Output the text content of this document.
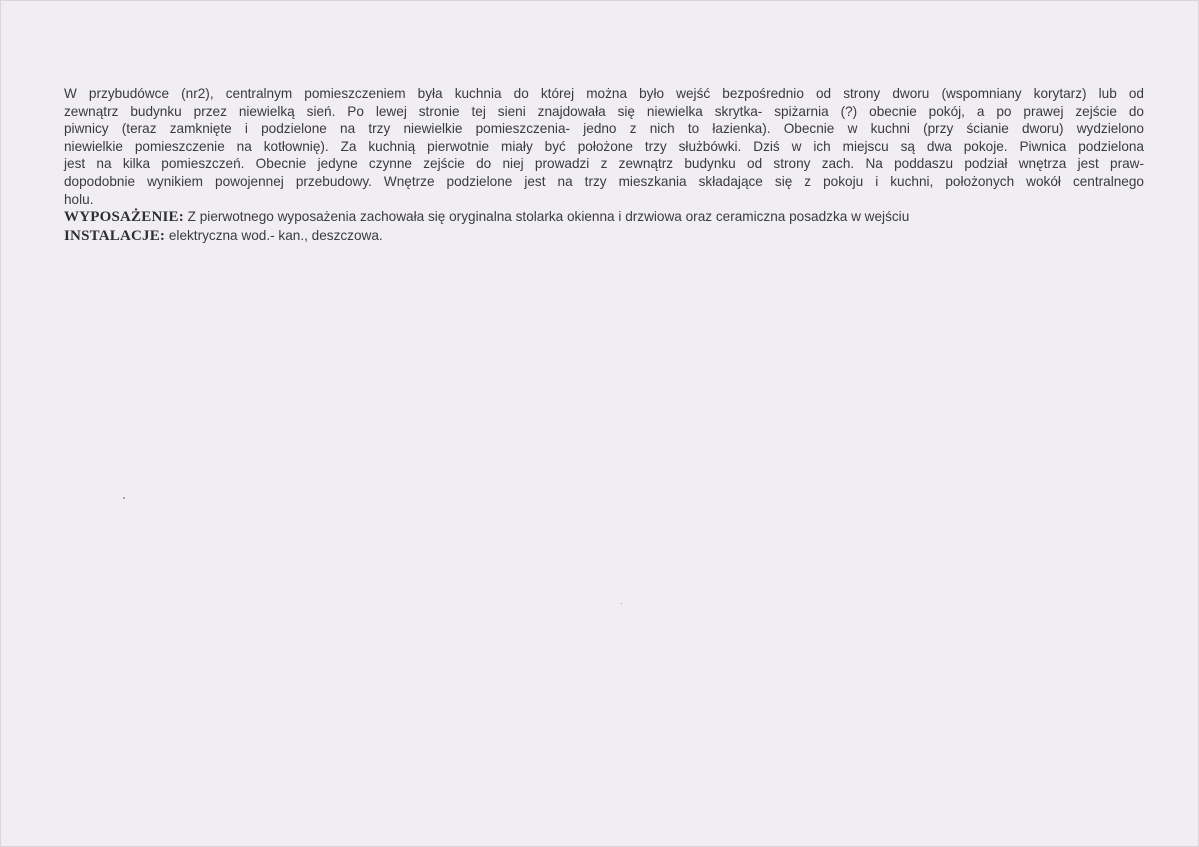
W przybudówce (nr2), centralnym pomieszczeniem była kuchnia do której można było wejść bezpośrednio od strony dworu (wspomniany korytarz) lub od
zewnątrz budynku przez niewielką sień. Po lewej stronie tej sieni znajdowała się niewielka skrytka- spiżarnia (?) obecnie pokój, a po prawej zejście do
piwnicy (teraz zamknięte i podzielone na trzy niewielkie pomieszczenia- jedno z nich to łazienka). Obecnie w kuchni (przy ścianie dworu) wydzielono
niewielkie pomieszczenie na kotłownię). Za kuchnią pierwotnie miały być położone trzy służbówki. Dziś w ich miejscu są dwa pokoje. Piwnica podzielona
jest na kilka pomieszczeń. Obecnie jedyne czynne zejście do niej prowadzi z zewnątrz budynku od strony zach. Na poddaszu podział wnętrza jest praw-
dopodobnie wynikiem powojennej przebudowy. Wnętrze podzielone jest na trzy mieszkania składające się z pokoju i kuchni, położonych wokół centralnego
holu.

WYPOSAŻENIE: Z pierwotnego wyposażenia zachowała się oryginalna stolarka okienna i drzwiowa oraz ceramiczna posadzka w wejściu
INSTALACJE: elektryczna wod.- kan., deszczowa.
